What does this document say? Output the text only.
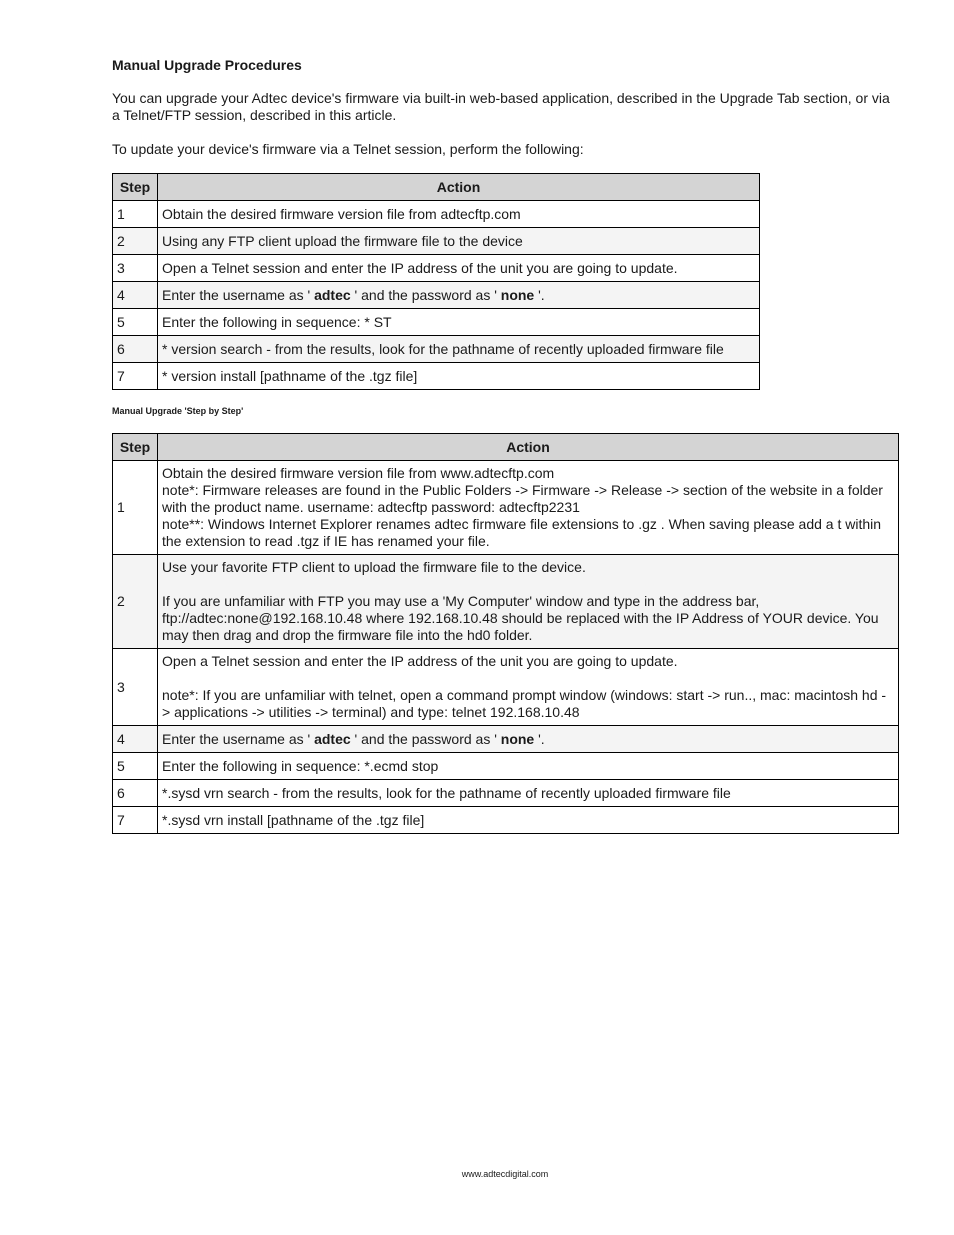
Manual Upgrade Procedures

You can upgrade your Adtec device's firmware via built-in web-based application, described in the Upgrade Tab section, or via a Telnet/FTP session, described in this article.

To update your device's firmware via a Telnet session, perform the following:

Step	Action
1	Obtain the desired firmware version file from adtecftp.com
2	Using any FTP client upload the firmware file to the device
3	Open a Telnet session and enter the IP address of the unit you are going to update.
4	Enter the username as ' adtec ' and the password as ' none '.
5	Enter the following in sequence: * ST
6	* version search - from the results, look for the pathname of recently uploaded firmware file
7	* version install [pathname of the .tgz file]
Manual Upgrade 'Step by Step'
Step	Action
1	Obtain the desired firmware version file from www.adtecftp.com
note*: Firmware releases are found in the Public Folders -> Firmware -> Release -> section of the website in a folder with the product name. username: adtecftp password: adtecftp2231
note**: Windows Internet Explorer renames adtec firmware file extensions to .gz . When saving please add a t within the extension to read .tgz if IE has renamed your file.

2	Use your favorite FTP client to upload the firmware file to the device.
If you are unfamiliar with FTP you may use a 'My Computer' window and type in the address bar, ftp://adtec:none@192.168.10.48 where 192.168.10.48 should be replaced with the IP Address of YOUR device. You may then drag and drop the firmware file into the hd0 folder.

3	Open a Telnet session and enter the IP address of the unit you are going to update.
note*: If you are unfamiliar with telnet, open a command prompt window (windows: start -> run.., mac: macintosh hd -> applications -> utilities -> terminal) and type: telnet 192.168.10.48

4	Enter the username as ' adtec ' and the password as ' none '.
5	Enter the following in sequence: *.ecmd stop
6	*.sysd vrn search - from the results, look for the pathname of recently uploaded firmware file
7	*.sysd vrn install [pathname of the .tgz file]
www.adtecdigital.com
